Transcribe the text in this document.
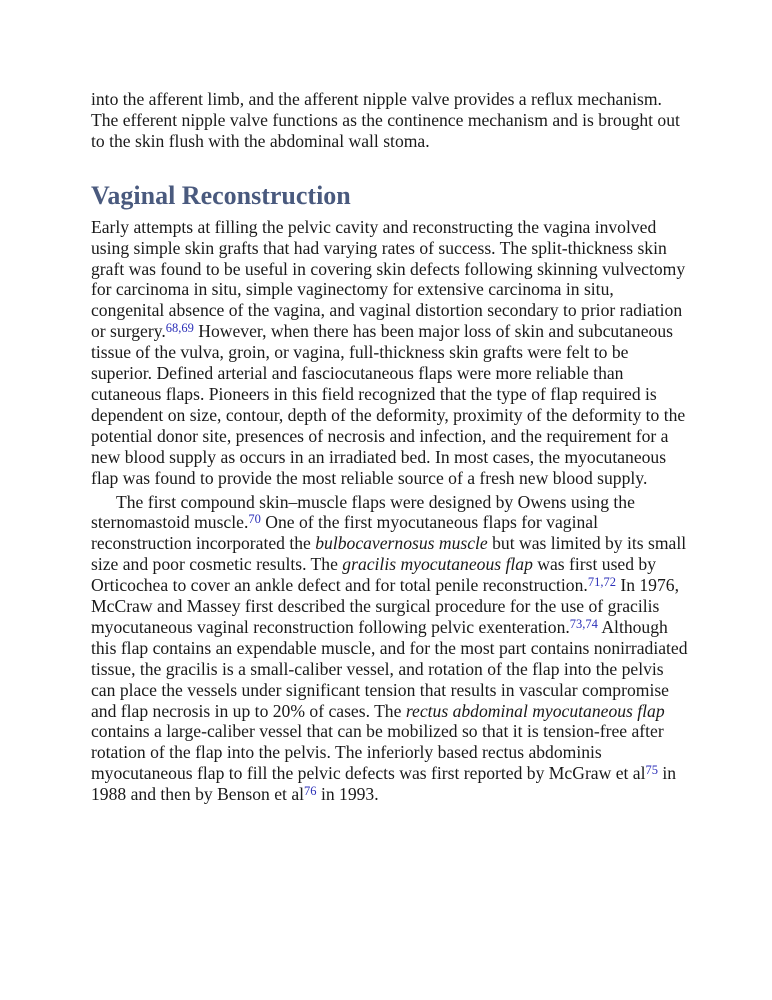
into the afferent limb, and the afferent nipple valve provides a reflux mechanism. The efferent nipple valve functions as the continence mechanism and is brought out to the skin flush with the abdominal wall stoma.

Vaginal Reconstruction

Early attempts at filling the pelvic cavity and reconstructing the vagina involved using simple skin grafts that had varying rates of success. The split-thickness skin graft was found to be useful in covering skin defects following skinning vulvectomy for carcinoma in situ, simple vaginectomy for extensive carcinoma in situ, congenital absence of the vagina, and vaginal distortion secondary to prior radiation or surgery.$^{68,69}$ However, when there has been major loss of skin and subcutaneous tissue of the vulva, groin, or vagina, full-thickness skin grafts were felt to be superior. Defined arterial and fasciocutaneous flaps were more reliable than cutaneous flaps. Pioneers in this field recognized that the type of flap required is dependent on size, contour, depth of the deformity, proximity of the deformity to the potential donor site, presences of necrosis and infection, and the requirement for a new blood supply as occurs in an irradiated bed. In most cases, the myocutaneous flap was found to provide the most reliable source of a fresh new blood supply.

The first compound skin–muscle flaps were designed by Owens using the sternomastoid muscle.$^{70}$ One of the first myocutaneous flaps for vaginal reconstruction incorporated the bulbocavernosus muscle but was limited by its small size and poor cosmetic results. The gracilis myocutaneous flap was first used by Orticochea to cover an ankle defect and for total penile reconstruction.$^{71,72}$ In 1976, McCraw and Massey first described the surgical procedure for the use of gracilis myocutaneous vaginal reconstruction following pelvic exenteration.$^{73,74}$ Although this flap contains an expendable muscle, and for the most part contains nonirradiated tissue, the gracilis is a small-caliber vessel, and rotation of the flap into the pelvis can place the vessels under significant tension that results in vascular compromise and flap necrosis in up to 20% of cases. The rectus abdominal myocutaneous flap contains a large-caliber vessel that can be mobilized so that it is tension-free after rotation of the flap into the pelvis. The inferiorly based rectus abdominis myocutaneous flap to fill the pelvic defects was first reported by McGraw et al$^{75}$ in 1988 and then by Benson et al$^{76}$ in 1993.
